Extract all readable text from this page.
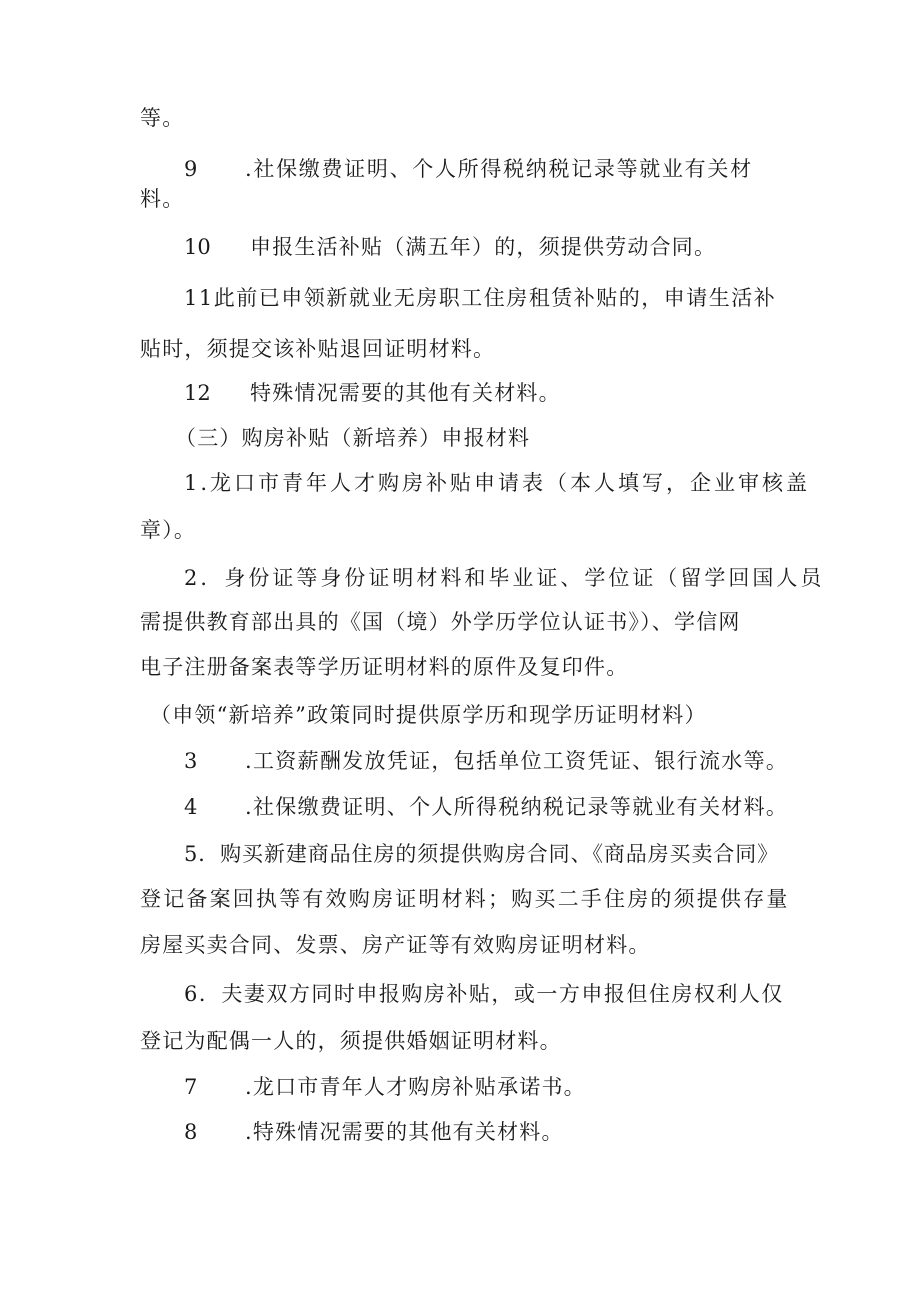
等。
9 .社保缴费证明、个人所得税纳税记录等就业有关材
料。
10 申报生活补贴（满五年）的，须提供劳动合同。
11此前已申领新就业无房职工住房租赁补贴的，申请生活补
贴时，须提交该补贴退回证明材料。
12 特殊情况需要的其他有关材料。
（三）购房补贴（新培养）申报材料
1.龙口市青年人才购房补贴申请表（本人填写，企业审核盖
章）。
2．身份证等身份证明材料和毕业证、学位证（留学回国人员
需提供教育部出具的《国（境）外学历学位认证书》）、学信网
电子注册备案表等学历证明材料的原件及复印件。
（申领“新培养”政策同时提供原学历和现学历证明材料）
3 .工资薪酬发放凭证，包括单位工资凭证、银行流水等。
4 .社保缴费证明、个人所得税纳税记录等就业有关材料。
5．购买新建商品住房的须提供购房合同、《商品房买卖合同》
登记备案回执等有效购房证明材料；购买二手住房的须提供存量
房屋买卖合同、发票、房产证等有效购房证明材料。
6．夫妻双方同时申报购房补贴，或一方申报但住房权利人仅
登记为配偶一人的，须提供婚姻证明材料。
7 .龙口市青年人才购房补贴承诺书。
8 .特殊情况需要的其他有关材料。
